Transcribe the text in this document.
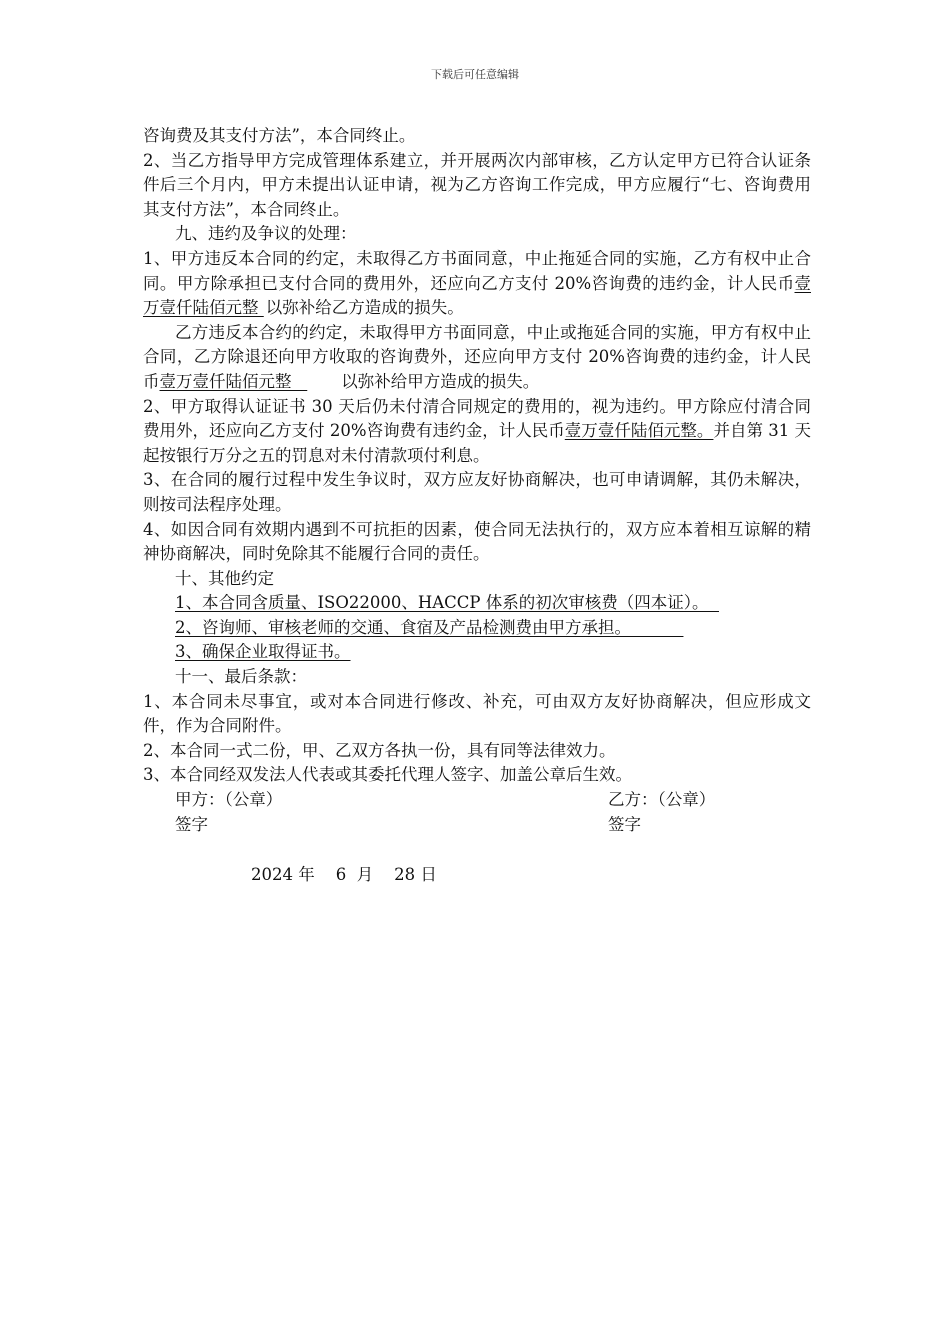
下载后可任意编辑

咨询费及其支付方法”，本合同终止。

2、当乙方指导甲方完成管理体系建立，并开展两次内部审核，乙方认定甲方已符合认证条件后三个月内，甲方未提出认证申请，视为乙方咨询工作完成，甲方应履行“七、咨询费用其支付方法”，本合同终止。

九、违约及争议的处理：

1、甲方违反本合同的约定，未取得乙方书面同意，中止拖延合同的实施，乙方有权中止合同。甲方除承担已支付合同的费用外，还应向乙方支付 20%咨询费的违约金，计人民币壹万壹仟陆佰元整 以弥补给乙方造成的损失。

乙方违反本合约的约定，未取得甲方书面同意，中止或拖延合同的实施，甲方有权中止合同，乙方除退还向甲方收取的咨询费外，还应向甲方支付 20%咨询费的违约金，计人民币壹万壹仟陆佰元整   以弥补给甲方造成的损失。

2、甲方取得认证证书 30 天后仍未付清合同规定的费用的，视为违约。甲方除应付清合同费用外，还应向乙方支付 20%咨询费有违约金，计人民币壹万壹仟陆佰元整。并自第 31 天起按银行万分之五的罚息对未付清款项付利息。

3、在合同的履行过程中发生争议时，双方应友好协商解决，也可申请调解，其仍未解决，则按司法程序处理。

4、如因合同有效期内遇到不可抗拒的因素，使合同无法执行的，双方应本着相互谅解的精神协商解决，同时免除其不能履行合同的责任。

十、其他约定

1、本合同含质量、ISO22000、HACCP 体系的初次审核费（四本证）。

2、咨询师、审核老师的交通、食宿及产品检测费由甲方承担。

3、确保企业取得证书。

十一、最后条款：

1、本合同未尽事宜，或对本合同进行修改、补充，可由双方友好协商解决，但应形成文件，作为合同附件。

2、本合同一式二份，甲、乙双方各执一份，具有同等法律效力。

3、本合同经双发法人代表或其委托代理人签字、加盖公章后生效。

甲方：（公章）	乙方：（公章）
签字	签字
2024 年    6  月    28 日
